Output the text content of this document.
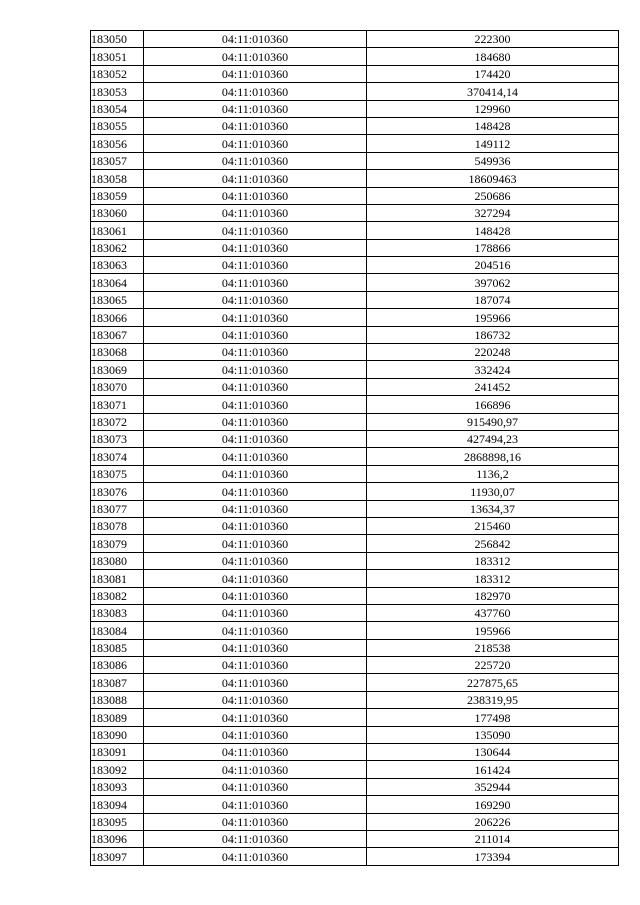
183050	04:11:010360	222300
183051	04:11:010360	184680
183052	04:11:010360	174420
183053	04:11:010360	370414,14
183054	04:11:010360	129960
183055	04:11:010360	148428
183056	04:11:010360	149112
183057	04:11:010360	549936
183058	04:11:010360	18609463
183059	04:11:010360	250686
183060	04:11:010360	327294
183061	04:11:010360	148428
183062	04:11:010360	178866
183063	04:11:010360	204516
183064	04:11:010360	397062
183065	04:11:010360	187074
183066	04:11:010360	195966
183067	04:11:010360	186732
183068	04:11:010360	220248
183069	04:11:010360	332424
183070	04:11:010360	241452
183071	04:11:010360	166896
183072	04:11:010360	915490,97
183073	04:11:010360	427494,23
183074	04:11:010360	2868898,16
183075	04:11:010360	1136,2
183076	04:11:010360	11930,07
183077	04:11:010360	13634,37
183078	04:11:010360	215460
183079	04:11:010360	256842
183080	04:11:010360	183312
183081	04:11:010360	183312
183082	04:11:010360	182970
183083	04:11:010360	437760
183084	04:11:010360	195966
183085	04:11:010360	218538
183086	04:11:010360	225720
183087	04:11:010360	227875,65
183088	04:11:010360	238319,95
183089	04:11:010360	177498
183090	04:11:010360	135090
183091	04:11:010360	130644
183092	04:11:010360	161424
183093	04:11:010360	352944
183094	04:11:010360	169290
183095	04:11:010360	206226
183096	04:11:010360	211014
183097	04:11:010360	173394
